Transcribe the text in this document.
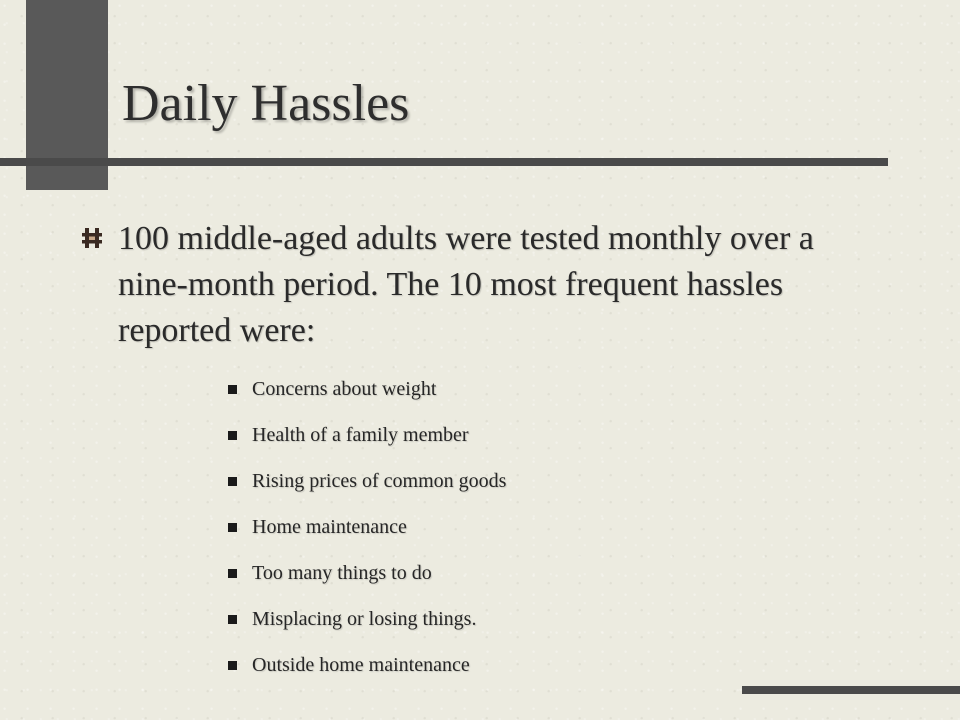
Daily Hassles

100 middle-aged adults were tested monthly over a nine-month period. The 10 most frequent hassles reported were:

Concerns about weight
Health of a family member
Rising prices of common goods
Home maintenance
Too many things to do
Misplacing or losing things.
Outside home maintenance
